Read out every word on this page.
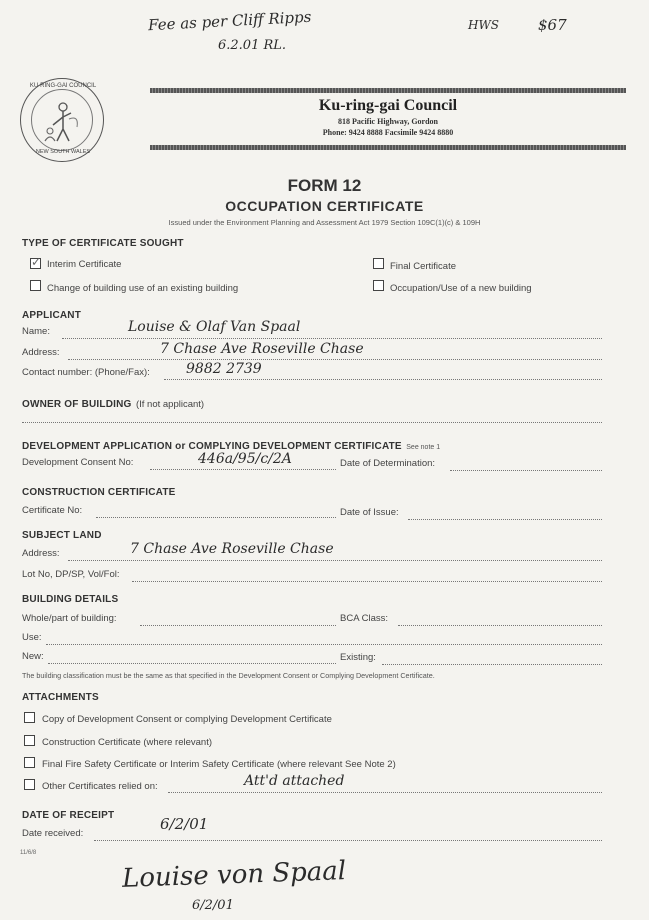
Fee as per Cliff Ripps
6.2.01 RL.
HWS	$67
KU-RING-GAI COUNCIL
NEW SOUTH WALES
Ku-ring-gai Council
818 Pacific Highway, Gordon
Phone: 9424 8888 Facsimile 9424 8880
FORM 12
OCCUPATION CERTIFICATE
Issued under the Environment Planning and Assessment Act 1979 Section 109C(1)(c) & 109H
TYPE OF CERTIFICATE SOUGHT
✓
Interim Certificate	Final Certificate
Change of building use of an existing building	Occupation/Use of a new building
APPLICANT
Name:	Louise & Olaf Van Spaal
Address:	7 Chase Ave Roseville Chase
Contact number: (Phone/Fax):	9882 2739
OWNER OF BUILDING (If not applicant)
DEVELOPMENT APPLICATION or COMPLYING DEVELOPMENT CERTIFICATE See note 1
Development Consent No:	446a/95/c/2A	Date of Determination:
CONSTRUCTION CERTIFICATE
Certificate No:	Date of Issue:
SUBJECT LAND
Address:	7 Chase Ave Roseville Chase
Lot No, DP/SP, Vol/Fol:
BUILDING DETAILS
Whole/part of building:	BCA Class:
Use:
New:	Existing:
The building classification must be the same as that specified in the Development Consent or Complying Development Certificate.
ATTACHMENTS
Copy of Development Consent or complying Development Certificate
Construction Certificate (where relevant)
Final Fire Safety Certificate or Interim Safety Certificate (where relevant See Note 2)
Other Certificates relied on:	Att'd attached
DATE OF RECEIPT
Date received:
6/2/01
11/6/8
Louise von Spaal
6/2/01
